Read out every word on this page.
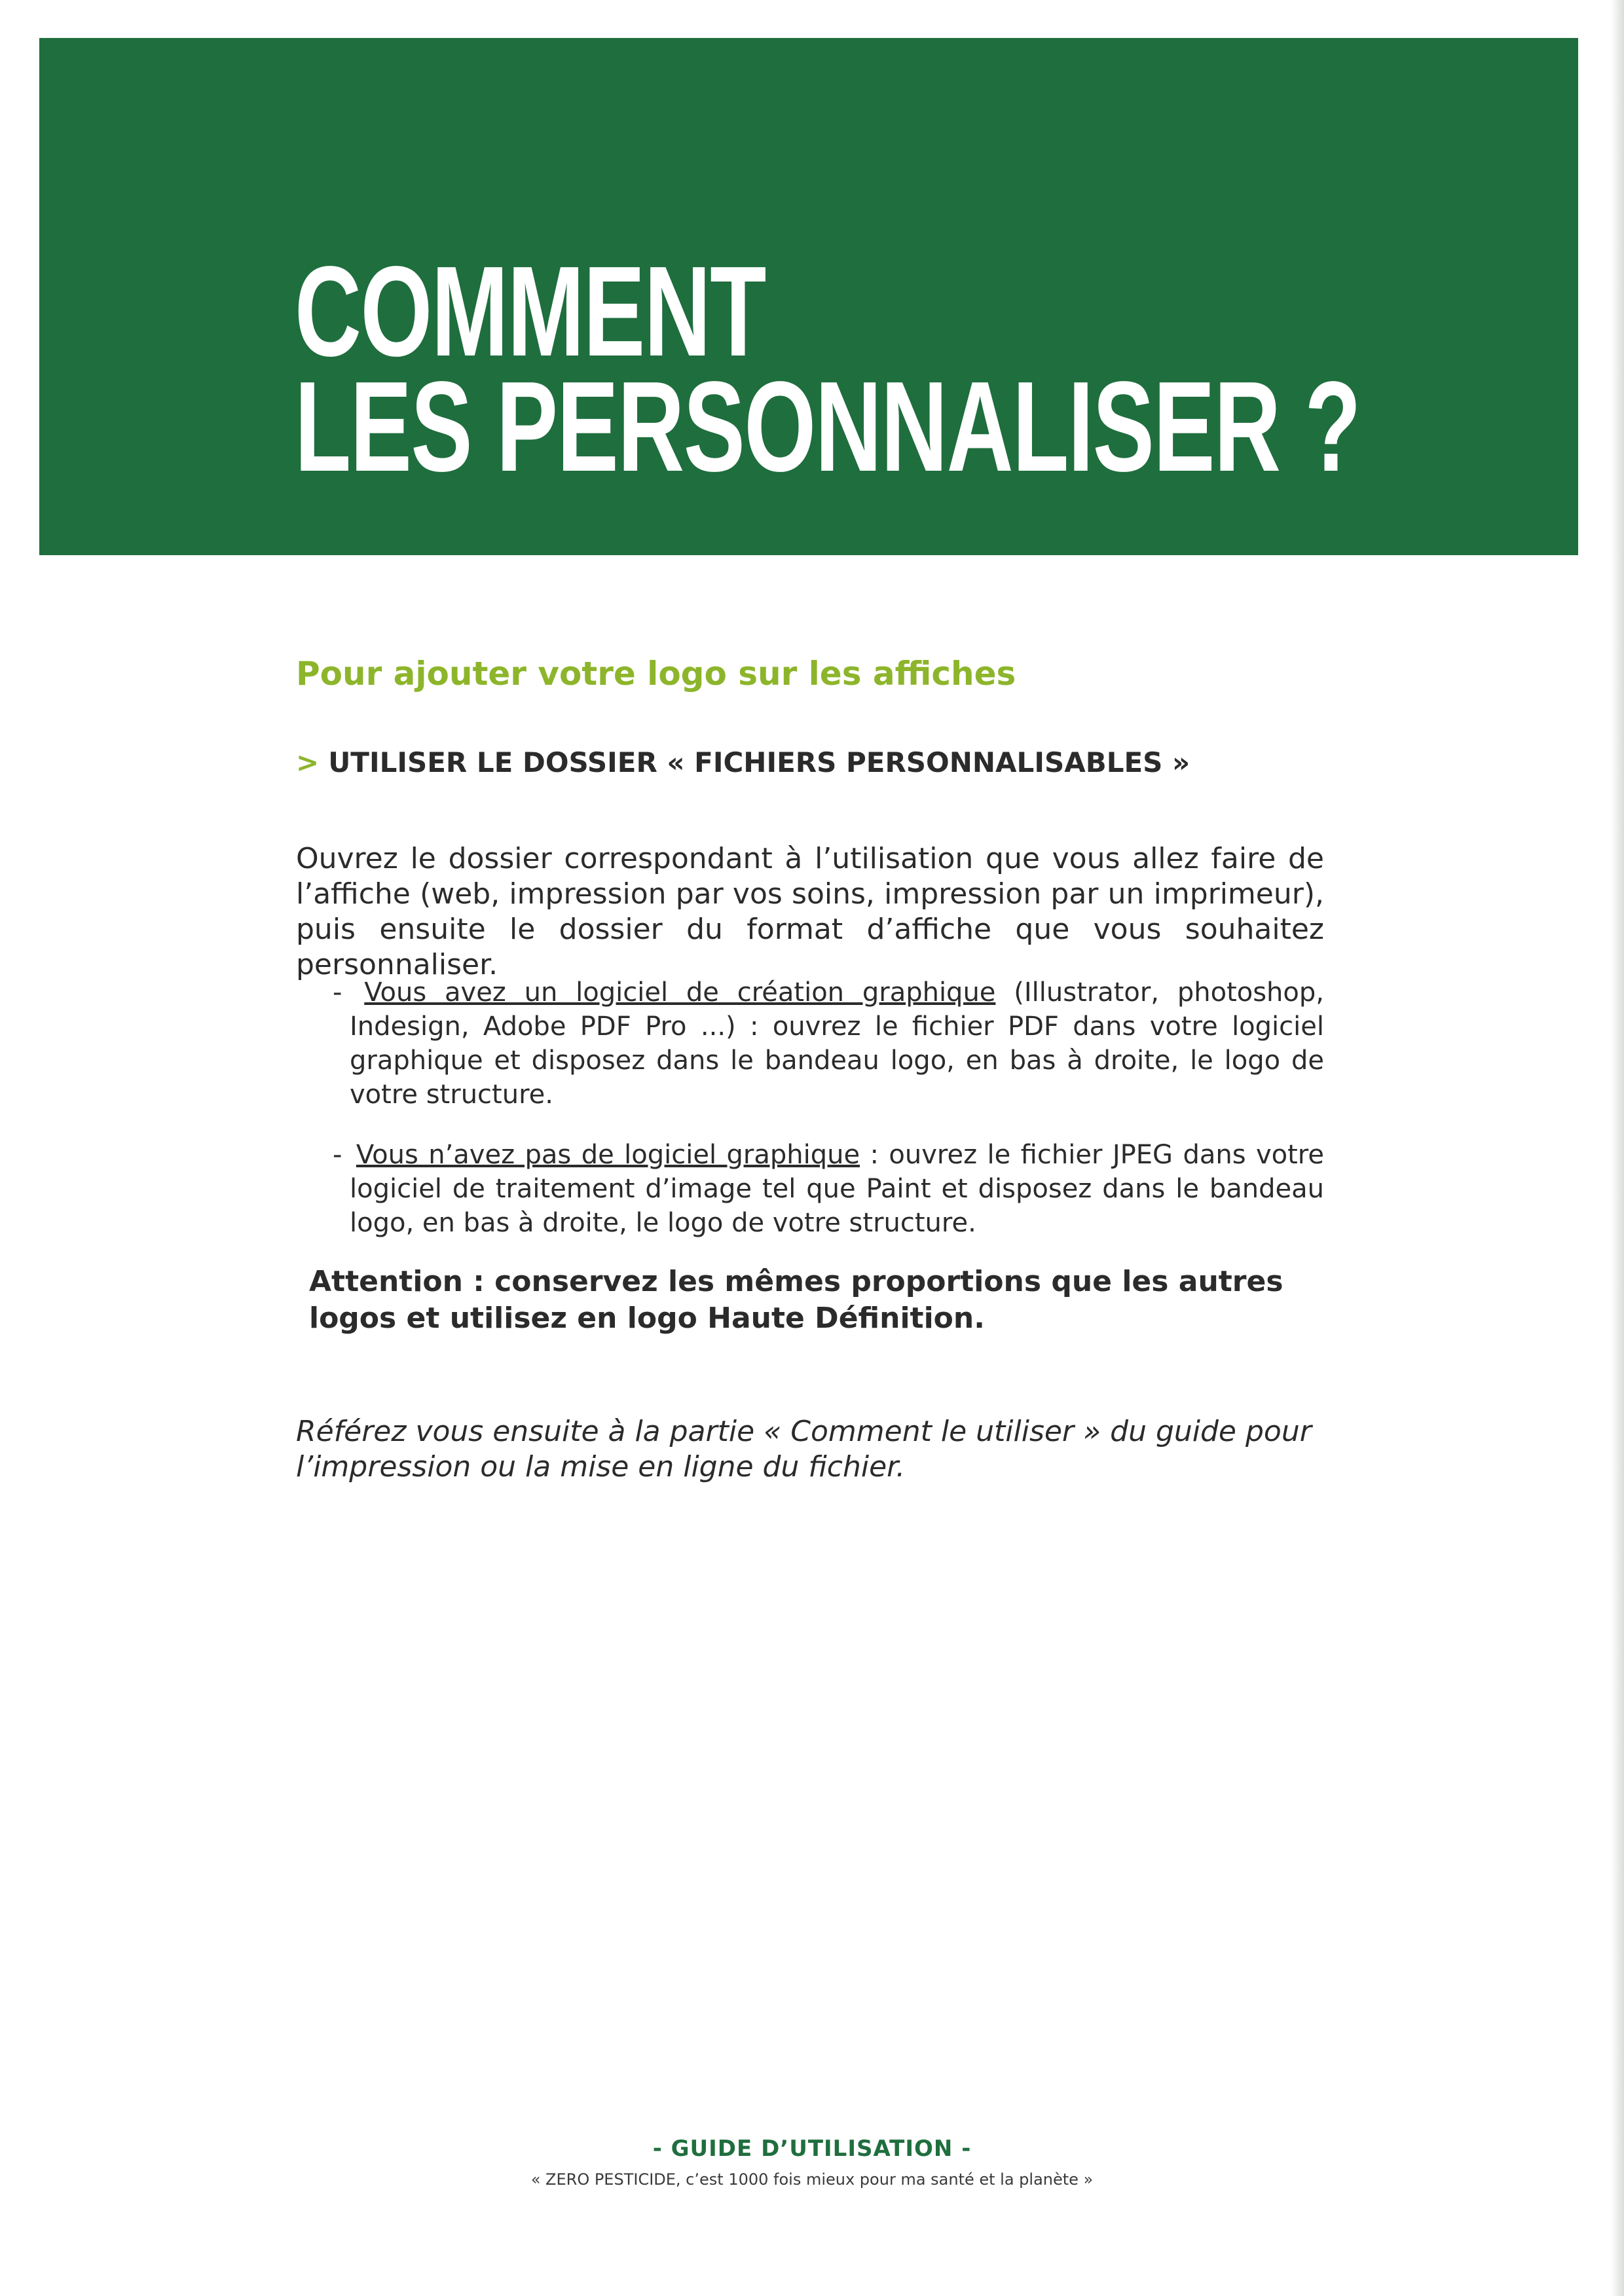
COMMENT
LES PERSONNALISER ?
Pour ajouter votre logo sur les affiches

> UTILISER LE DOSSIER « FICHIERS PERSONNALISABLES »

Ouvrez le dossier correspondant à l’utilisation que vous allez faire de l’affiche (web, impression par vos soins, impression par un imprimeur), puis ensuite le dossier du format d’affiche que vous souhaitez personnaliser.

- Vous avez un logiciel de création graphique (Illustrator, photoshop, Indesign, Adobe PDF Pro ...) : ouvrez le fichier PDF dans votre logiciel graphique et disposez dans le bandeau logo, en bas à droite, le logo de votre structure.
- Vous n’avez pas de logiciel graphique : ouvrez le fichier JPEG dans votre logiciel de traitement d’image tel que Paint et disposez dans le bandeau logo, en bas à droite, le logo de votre structure.

Attention : conservez les mêmes proportions que les autres logos et utilisez en logo Haute Définition.

Référez vous ensuite à la partie « Comment le utiliser » du guide pour l’impression ou la mise en ligne du fichier.

- GUIDE D’UTILISATION -

« ZERO PESTICIDE, c’est 1000 fois mieux pour ma santé et la planète »
